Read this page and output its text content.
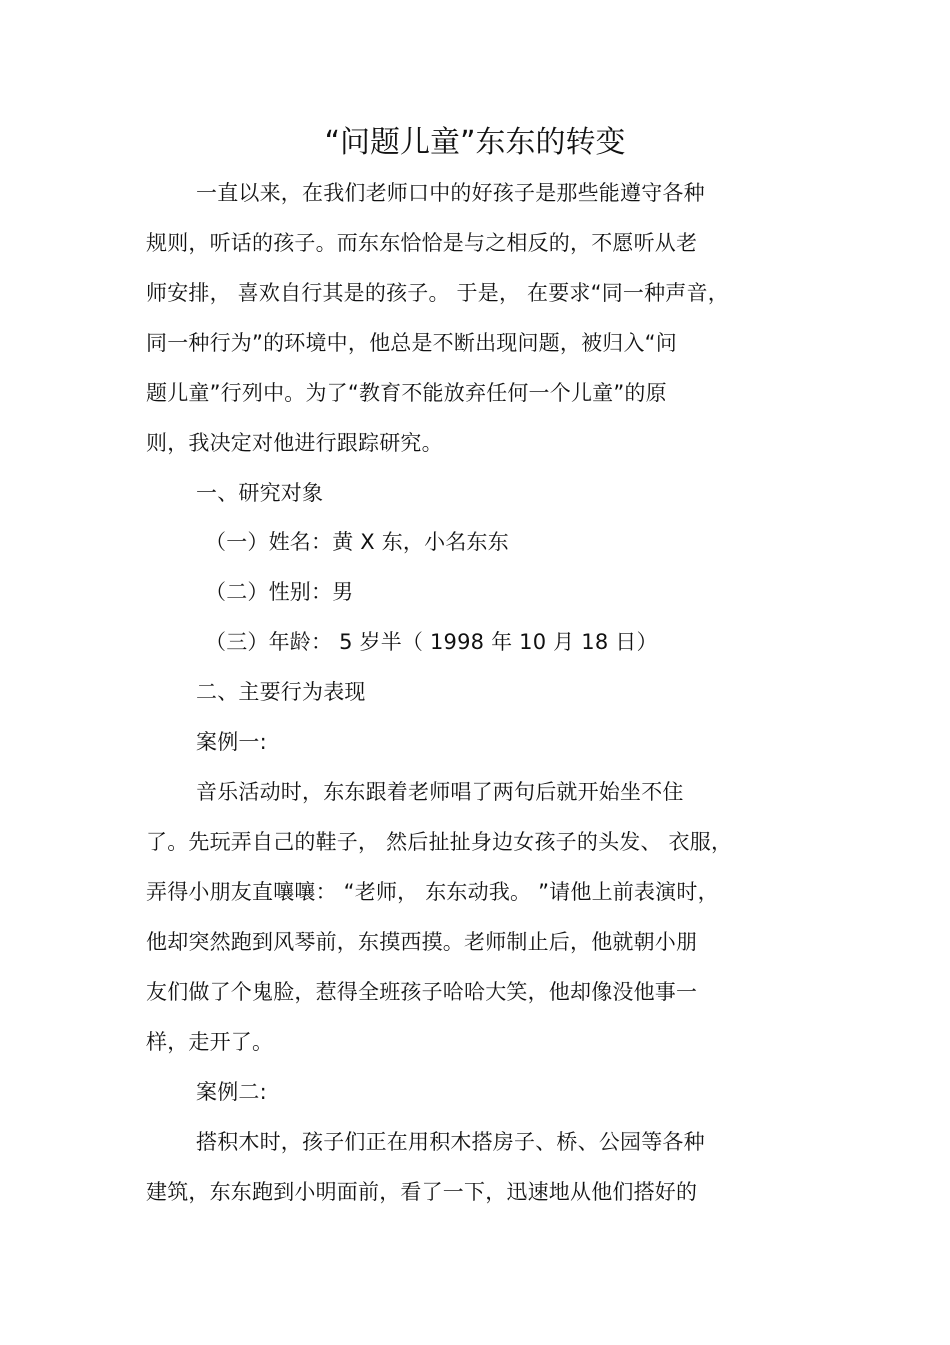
“问题儿童”东东的转变
一直以来，在我们老师口中的好孩子是那些能遵守各种
规则，听话的孩子。而东东恰恰是与之相反的，不愿听从老
师安排， 喜欢自行其是的孩子。 于是， 在要求“同一种声音，
同一种行为”的环境中，他总是不断出现问题，被归入“问
题儿童”行列中。为了“教育不能放弃任何一个儿童”的原
则，我决定对他进行跟踪研究。
一、研究对象
（一）姓名：黄 X 东，小名东东
（二）性别：男
（三）年龄： 5 岁半（ 1998 年 10 月 18 日）
二、主要行为表现
案例一:
音乐活动时，东东跟着老师唱了两句后就开始坐不住
了。先玩弄自己的鞋子， 然后扯扯身边女孩子的头发、 衣服，
弄得小朋友直嚷嚷： “老师， 东东动我。 ”请他上前表演时，
他却突然跑到风琴前，东摸西摸。老师制止后，他就朝小朋
友们做了个鬼脸，惹得全班孩子哈哈大笑，他却像没他事一
样，走开了。
案例二:
搭积木时，孩子们正在用积木搭房子、桥、公园等各种
建筑，东东跑到小明面前，看了一下，迅速地从他们搭好的
